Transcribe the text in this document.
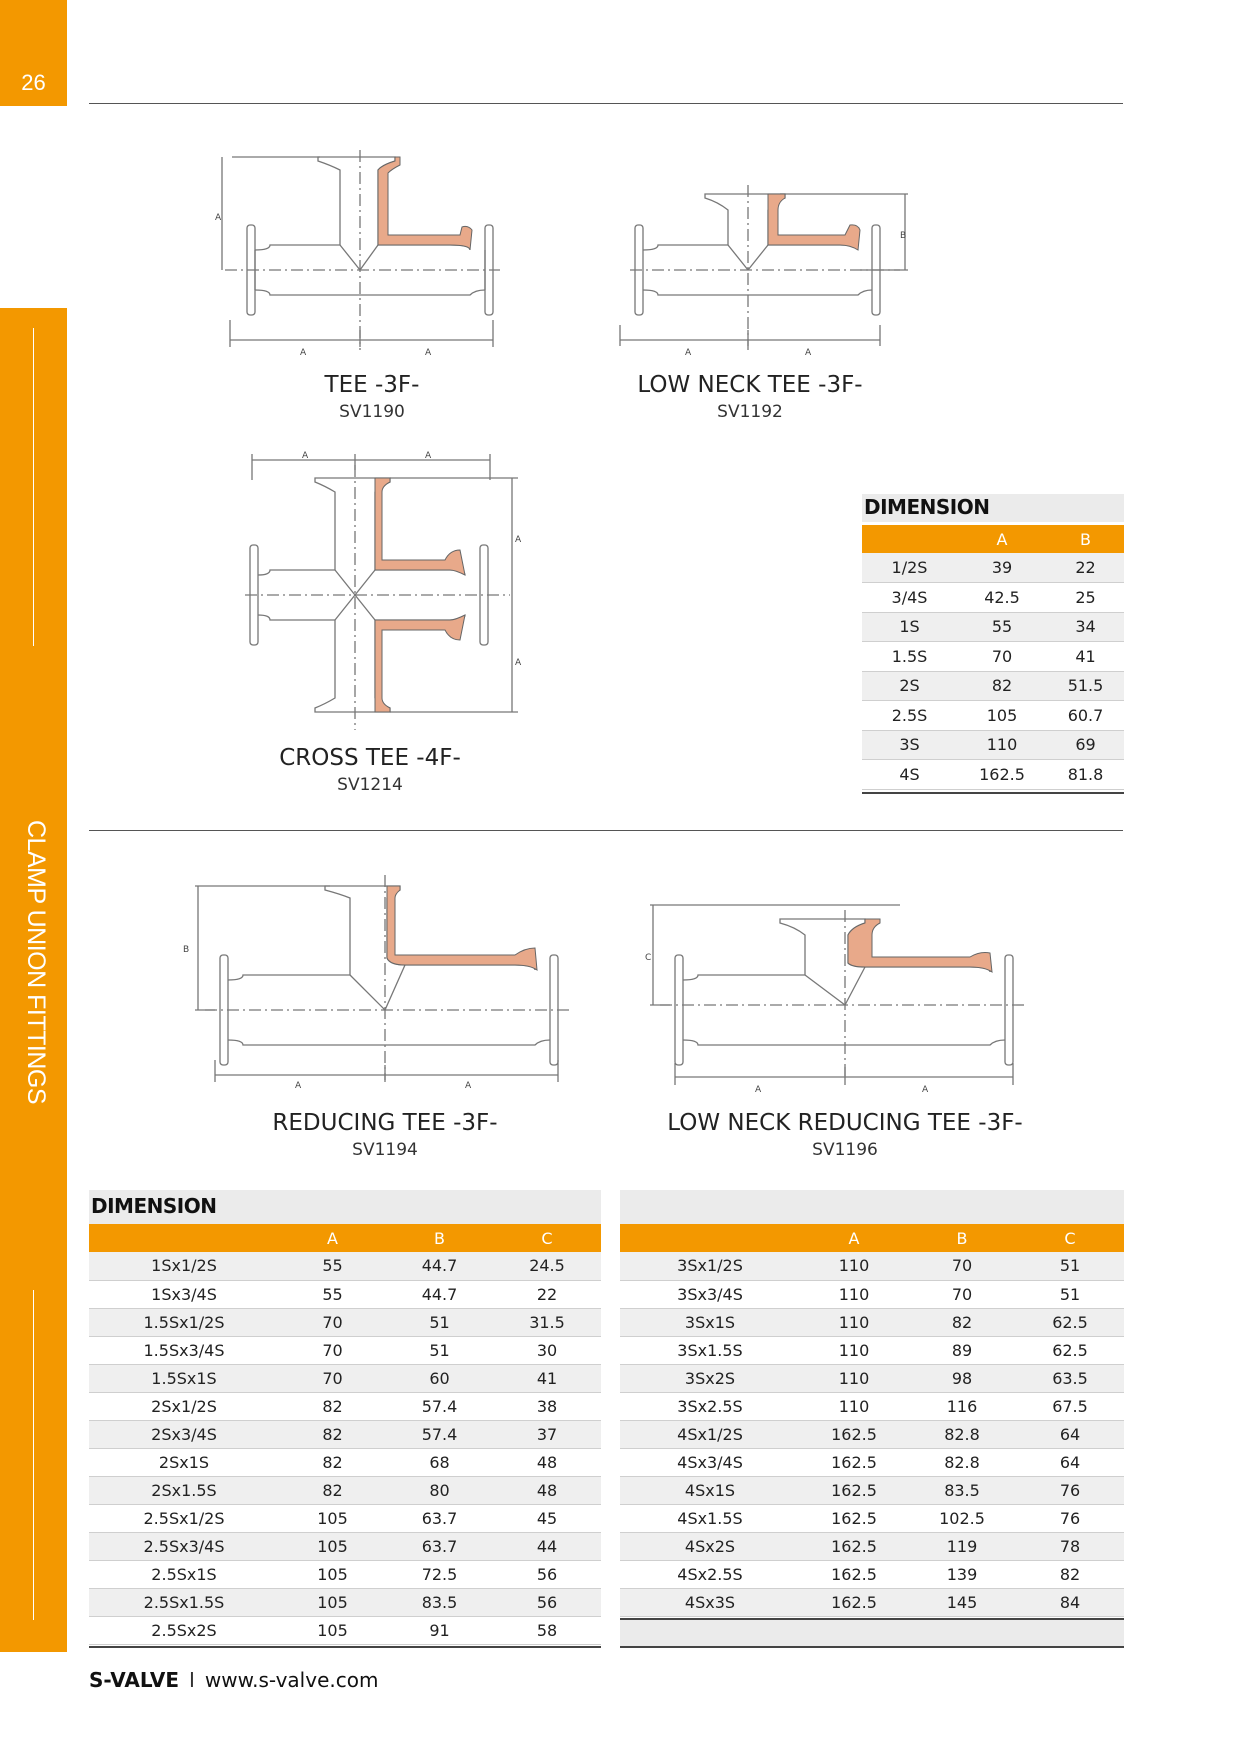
26
CLAMP UNION FITTINGS
A
A	A
TEE -3F-
SV1190
B
A	A
LOW NECK TEE -3F-
SV1192
A	A
A
A
CROSS TEE -4F-
SV1214
DIMENSION
	A	B
1/2S	39	22
3/4S	42.5	25
1S	55	34
1.5S	70	41
2S	82	51.5
2.5S	105	60.7
3S	110	69
4S	162.5	81.8
B
A	A
REDUCING TEE -3F-
SV1194
C
A	A
LOW NECK REDUCING TEE -3F-
SV1196
DIMENSION
	A	B	C
1Sx1/2S	55	44.7	24.5
1Sx3/4S	55	44.7	22
1.5Sx1/2S	70	51	31.5
1.5Sx3/4S	70	51	30
1.5Sx1S	70	60	41
2Sx1/2S	82	57.4	38
2Sx3/4S	82	57.4	37
2Sx1S	82	68	48
2Sx1.5S	82	80	48
2.5Sx1/2S	105	63.7	45
2.5Sx3/4S	105	63.7	44
2.5Sx1S	105	72.5	56
2.5Sx1.5S	105	83.5	56
2.5Sx2S	105	91	58
	A	B	C
3Sx1/2S	110	70	51
3Sx3/4S	110	70	51
3Sx1S	110	82	62.5
3Sx1.5S	110	89	62.5
3Sx2S	110	98	63.5
3Sx2.5S	110	116	67.5
4Sx1/2S	162.5	82.8	64
4Sx3/4S	162.5	82.8	64
4Sx1S	162.5	83.5	76
4Sx1.5S	162.5	102.5	76
4Sx2S	162.5	119	78
4Sx2.5S	162.5	139	82
4Sx3S	162.5	145	84
S-VALVE I www.s-valve.com
